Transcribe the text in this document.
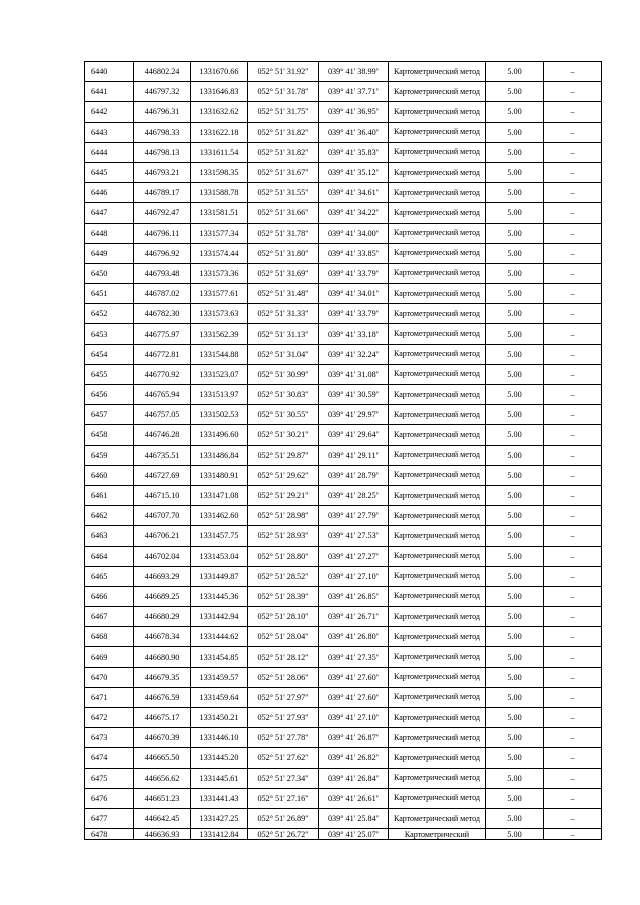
6440	446802.24	1331670.66	052° 51' 31.92"	039° 41' 38.99"	Картометрический метод	5.00	–
6441	446797.32	1331646.83	052° 51' 31.78"	039° 41' 37.71"	Картометрический метод	5.00	–
6442	446796.31	1331632.62	052° 51' 31.75"	039° 41' 36.95"	Картометрический метод	5.00	–
6443	446798.33	1331622.18	052° 51' 31.82"	039° 41' 36.40"	Картометрический метод	5.00	–
6444	446798.13	1331611.54	052° 51' 31.82"	039° 41' 35.83"	Картометрический метод	5.00	–
6445	446793.21	1331598.35	052° 51' 31.67"	039° 41' 35.12"	Картометрический метод	5.00	–
6446	446789.17	1331588.78	052° 51' 31.55"	039° 41' 34.61"	Картометрический метод	5.00	–
6447	446792.47	1331581.51	052° 51' 31.66"	039° 41' 34.22"	Картометрический метод	5.00	–
6448	446796.11	1331577.34	052° 51' 31.78"	039° 41' 34.00"	Картометрический метод	5.00	–
6449	446796.92	1331574.44	052° 51' 31.80"	039° 41' 33.85"	Картометрический метод	5.00	–
6450	446793.48	1331573.36	052° 51' 31.69"	039° 41' 33.79"	Картометрический метод	5.00	–
6451	446787.02	1331577.61	052° 51' 31.48"	039° 41' 34.01"	Картометрический метод	5.00	–
6452	446782.30	1331573.63	052° 51' 31.33"	039° 41' 33.79"	Картометрический метод	5.00	–
6453	446775.97	1331562.39	052° 51' 31.13"	039° 41' 33.18"	Картометрический метод	5.00	–
6454	446772.81	1331544.88	052° 51' 31.04"	039° 41' 32.24"	Картометрический метод	5.00	–
6455	446770.92	1331523.07	052° 51' 30.99"	039° 41' 31.08"	Картометрический метод	5.00	–
6456	446765.94	1331513.97	052° 51' 30.83"	039° 41' 30.59"	Картометрический метод	5.00	–
6457	446757.05	1331502.53	052° 51' 30.55"	039° 41' 29.97"	Картометрический метод	5.00	–
6458	446746.28	1331496.60	052° 51' 30.21"	039° 41' 29.64"	Картометрический метод	5.00	–
6459	446735.51	1331486.84	052° 51' 29.87"	039° 41' 29.11"	Картометрический метод	5.00	–
6460	446727.69	1331480.91	052° 51' 29.62"	039° 41' 28.79"	Картометрический метод	5.00	–
6461	446715.10	1331471.08	052° 51' 29.21"	039° 41' 28.25"	Картометрический метод	5.00	–
6462	446707.70	1331462.60	052° 51' 28.98"	039° 41' 27.79"	Картометрический метод	5.00	–
6463	446706.21	1331457.75	052° 51' 28.93"	039° 41' 27.53"	Картометрический метод	5.00	–
6464	446702.04	1331453.04	052° 51' 28.80"	039° 41' 27.27"	Картометрический метод	5.00	–
6465	446693.29	1331449.87	052° 51' 28.52"	039° 41' 27.10"	Картометрический метод	5.00	–
6466	446689.25	1331445.36	052° 51' 28.39"	039° 41' 26.85"	Картометрический метод	5.00	–
6467	446680.29	1331442.94	052° 51' 28.10"	039° 41' 26.71"	Картометрический метод	5.00	–
6468	446678.34	1331444.62	052° 51' 28.04"	039° 41' 26.80"	Картометрический метод	5.00	–
6469	446680.90	1331454.85	052° 51' 28.12"	039° 41' 27.35"	Картометрический метод	5.00	–
6470	446679.35	1331459.57	052° 51' 28.06"	039° 41' 27.60"	Картометрический метод	5.00	–
6471	446676.59	1331459.64	052° 51' 27.97"	039° 41' 27.60"	Картометрический метод	5.00	–
6472	446675.17	1331450.21	052° 51' 27.93"	039° 41' 27.10"	Картометрический метод	5.00	–
6473	446670.39	1331446.10	052° 51' 27.78"	039° 41' 26.87"	Картометрический метод	5.00	–
6474	446665.50	1331445.20	052° 51' 27.62"	039° 41' 26.82"	Картометрический метод	5.00	–
6475	446656.62	1331445.61	052° 51' 27.34"	039° 41' 26.84"	Картометрический метод	5.00	–
6476	446651.23	1331441.43	052° 51' 27.16"	039° 41' 26.61"	Картометрический метод	5.00	–
6477	446642.45	1331427.25	052° 51' 26.89"	039° 41' 25.84"	Картометрический метод	5.00	–
6478	446636.93	1331412.84	052° 51' 26.72"	039° 41' 25.07"	Картометрический	5.00	–
